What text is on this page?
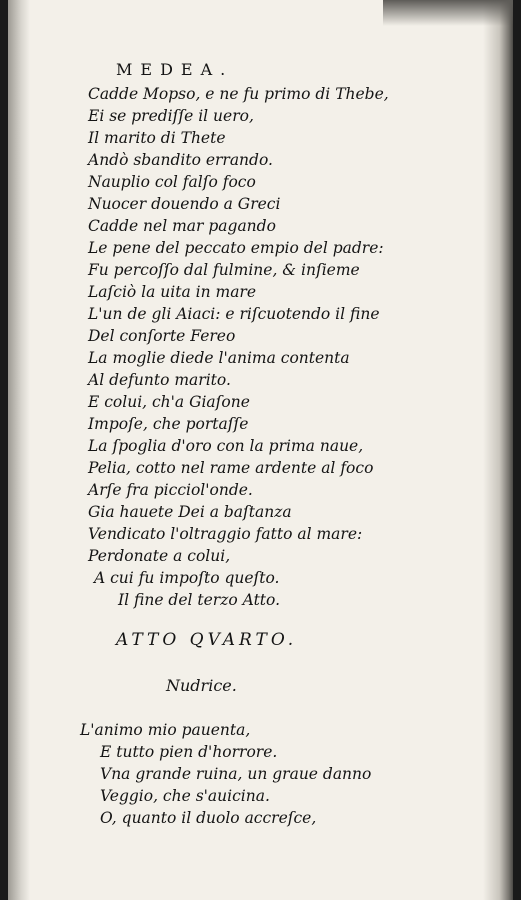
MEDEA.
Cadde Mopso, e ne fu primo di Thebe,
Ei se prediſſe il uero,
Il marito di Thete
Andò sbandito errando.
Nauplio col falſo foco
Nuocer douendo a Greci
Cadde nel mar pagando
Le pene del peccato empio del padre:
Fu percoſſo dal fulmine, & inſieme
Laſciò la uita in mare
L'un de gli Aiaci: e riſcuotendo il fine
Del conſorte Fereo
La moglie diede l'anima contenta
Al defunto marito.
E colui, ch'a Giaſone
Impoſe, che portaſſe
La ſpoglia d'oro con la prima naue,
Pelia, cotto nel rame ardente al foco
Arſe fra picciol'onde.
Gia hauete Dei a baſtanza
Vendicato l'oltraggio fatto al mare:
Perdonate a colui,
A cui fu impoſto queſto.
Il fine del terzo Atto.
ATTO QVARTO.
Nudrice.
L'animo mio pauenta,
E tutto pien d'horrore.
Vna grande ruina, un graue danno
Veggio, che s'auicina.
O, quanto il duolo accreſce,
